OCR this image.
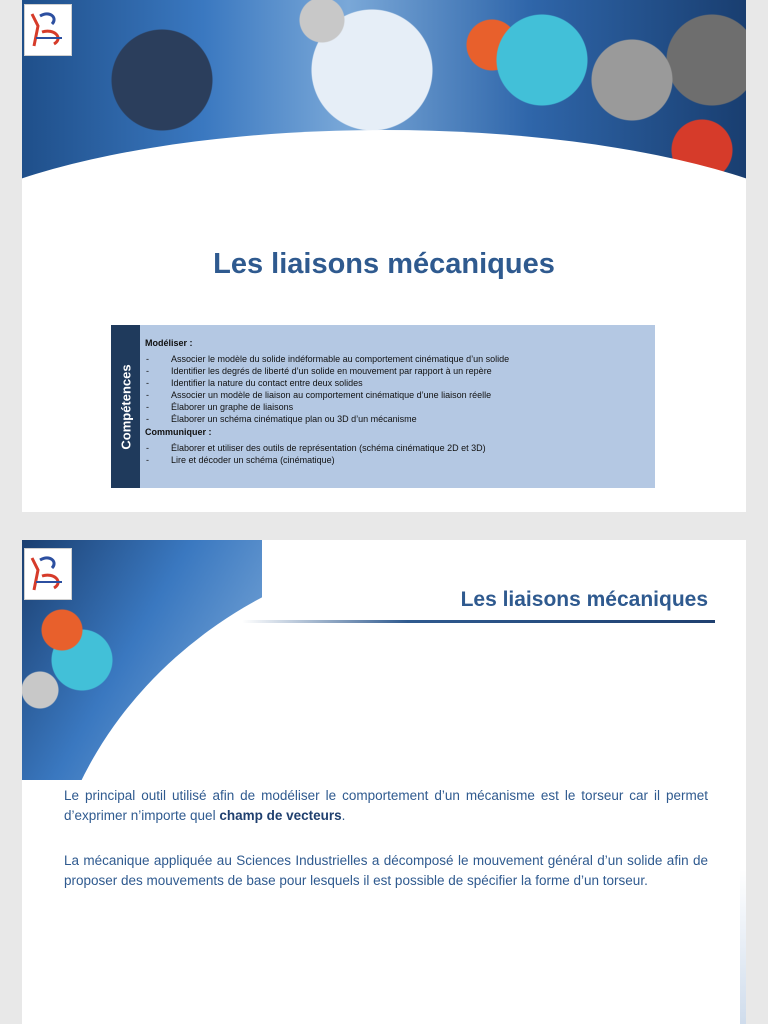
Les liaisons mécaniques
Compétences

Modéliser :

- Associer le modèle du solide indéformable au comportement cinématique d’un solide
- Identifier les degrés de liberté d’un solide en mouvement par rapport à un repère
- Identifier la nature du contact entre deux solides
- Associer un modèle de liaison au comportement cinématique d’une liaison réelle
- Élaborer un graphe de liaisons
- Élaborer un schéma cinématique plan ou 3D d’un mécanisme

Communiquer :

- Élaborer et utiliser des outils de représentation (schéma cinématique 2D et 3D)
- Lire et décoder un schéma (cinématique)
Les liaisons mécaniques

Le principal outil utilisé afin de modéliser le comportement d’un mécanisme est le torseur car il permet d’exprimer n’importe quel champ de vecteurs.

La mécanique appliquée au Sciences Industrielles a décomposé le mouvement général d’un solide afin de proposer des mouvements de base pour lesquels il est possible de spécifier la forme d’un torseur.
